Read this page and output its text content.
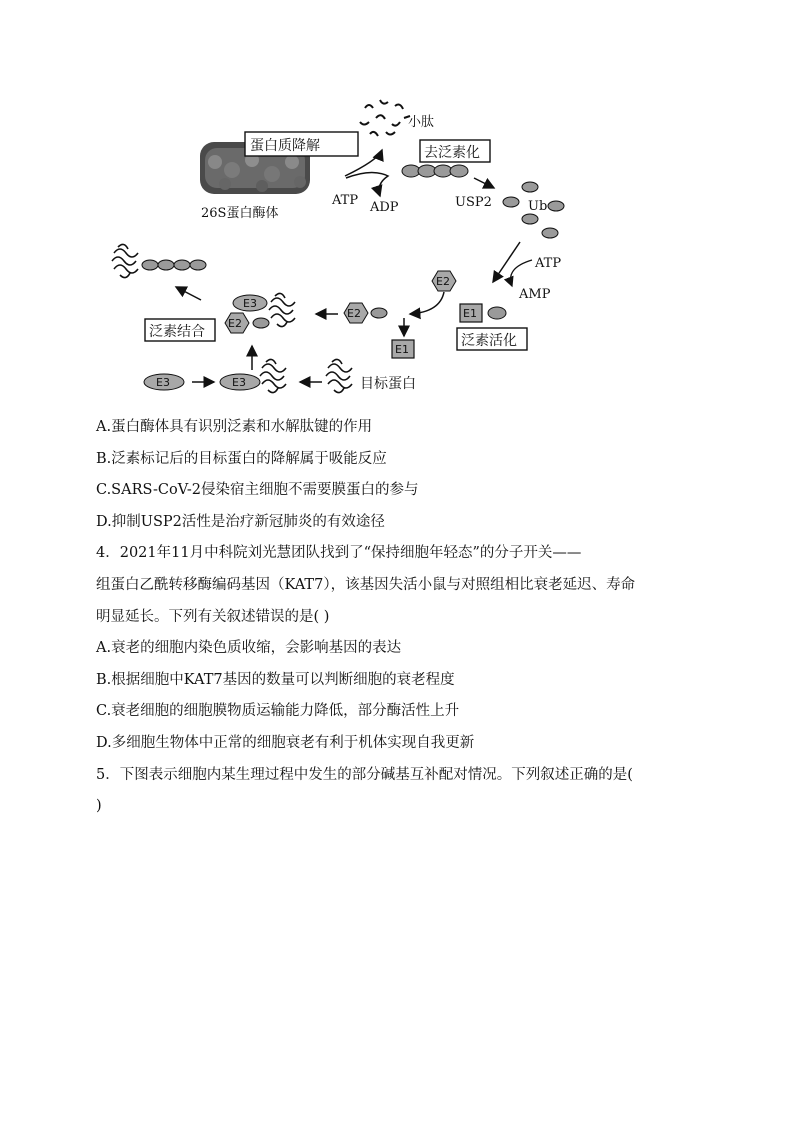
26S蛋白酶体
蛋白质降解
小肽
ATP ADP
去泛素化
USP2	Ub
ATP
AMP
E1
泛素活化
E2
E1
E2
E3
E2
泛素结合
E3	E3	目标蛋白
A.蛋白酶体具有识别泛素和水解肽键的作用
B.泛素标记后的目标蛋白的降解属于吸能反应
C.SARS-CoV-2侵染宿主细胞不需要膜蛋白的参与
D.抑制USP2活性是治疗新冠肺炎的有效途径
4．2021年11月中科院刘光慧团队找到了“保持细胞年轻态”的分子开关——
组蛋白乙酰转移酶编码基因（KAT7），该基因失活小鼠与对照组相比衰老延迟、寿命
明显延长。下列有关叙述错误的是( )
A.衰老的细胞内染色质收缩，会影响基因的表达
B.根据细胞中KAT7基因的数量可以判断细胞的衰老程度
C.衰老细胞的细胞膜物质运输能力降低，部分酶活性上升
D.多细胞生物体中正常的细胞衰老有利于机体实现自我更新
5．下图表示细胞内某生理过程中发生的部分碱基互补配对情况。下列叙述正确的是(
)
